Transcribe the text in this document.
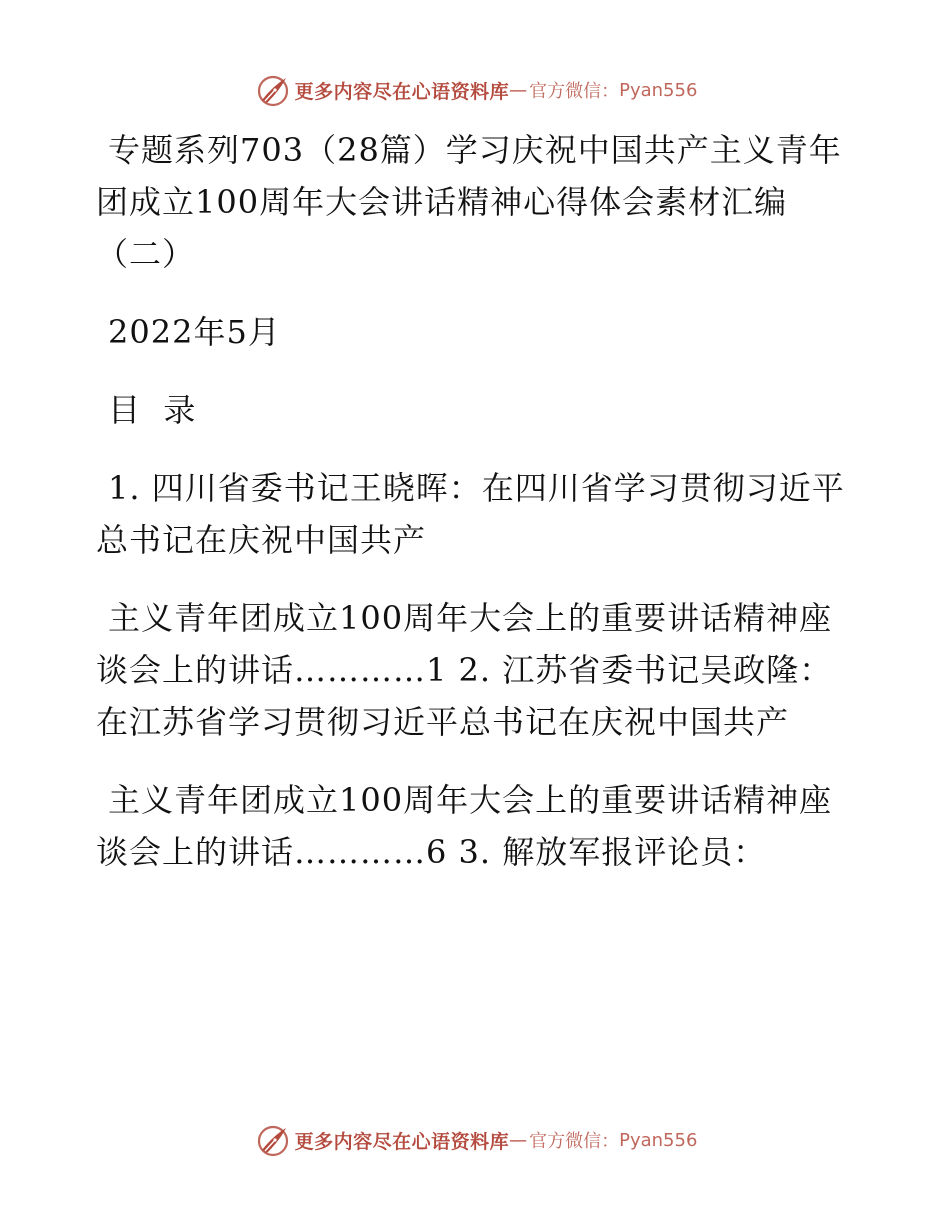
更多内容尽在心语资料库 — 官方微信： Pyan556

专题系列703（28篇）学习庆祝中国共产主义青年团成立100周年大会讲话精神心得体会素材汇编（二）

2022年5月

目  录

1. 四川省委书记王晓晖：在四川省学习贯彻习近平总书记在庆祝中国共产

主义青年团成立100周年大会上的重要讲话精神座谈会上的讲话…………1 2. 江苏省委书记吴政隆：在江苏省学习贯彻习近平总书记在庆祝中国共产

主义青年团成立100周年大会上的重要讲话精神座谈会上的讲话…………6 3. 解放军报评论员：

更多内容尽在心语资料库 — 官方微信： Pyan556
